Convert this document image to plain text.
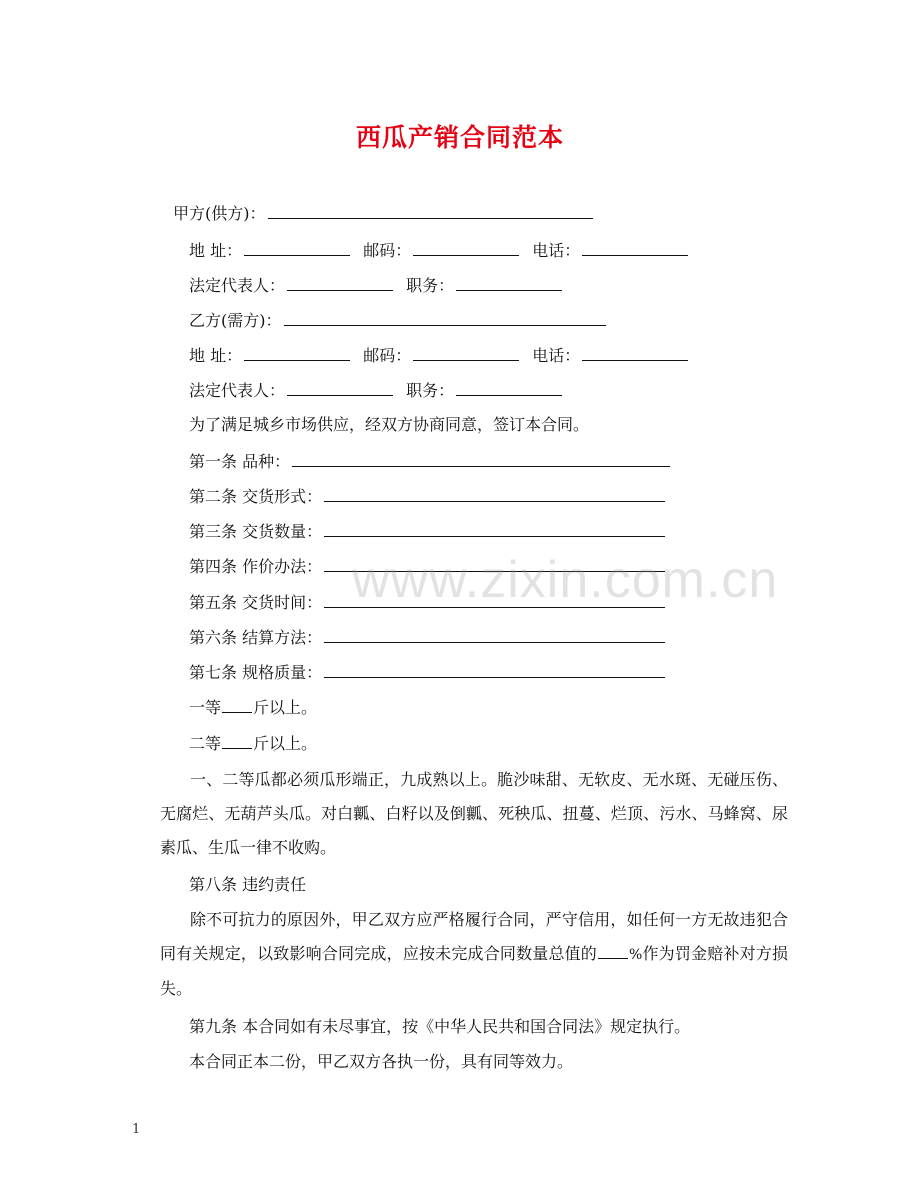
西瓜产销合同范本
甲方(供方)：
地 址：	邮码：	电话：
法定代表人：	职务：
乙方(需方)：
地 址：	邮码：	电话：
法定代表人：	职务：
为了满足城乡市场供应，经双方协商同意，签订本合同。
第一条 品种：
第二条 交货形式：
第三条 交货数量：
第四条 作价办法：
第五条 交货时间：
第六条 结算方法：
第七条 规格质量：
一等 斤以上。
二等 斤以上。
一、二等瓜都必须瓜形端正，九成熟以上。脆沙味甜、无软皮、无水斑、无碰压伤、无腐烂、无葫芦头瓜。对白瓤、白籽以及倒瓤、死秧瓜、扭蔓、烂顶、污水、马蜂窝、尿素瓜、生瓜一律不收购。
第八条 违约责任
除不可抗力的原因外，甲乙双方应严格履行合同，严守信用，如任何一方无故违犯合同有关规定，以致影响合同完成，应按未完成合同数量总值的 %作为罚金赔补对方损失。
第九条 本合同如有未尽事宜，按《中华人民共和国合同法》规定执行。
本合同正本二份，甲乙双方各执一份，具有同等效力。
www.zixin.com.cn
1
